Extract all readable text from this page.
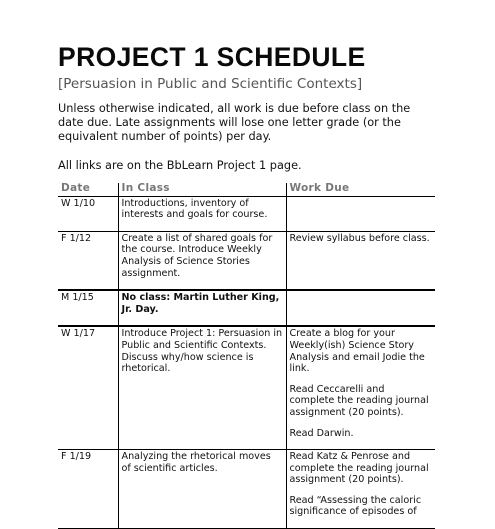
PROJECT 1 SCHEDULE
[Persuasion in Public and Scientific Contexts]
Unless otherwise indicated, all work is due before class on the date due. Late assignments will lose one letter grade (or the equivalent number of points) per day.
All links are on the BbLearn Project 1 page.
Date	In Class	Work Due
W 1/10	Introductions, inventory of interests and goals for course.	
F 1/12	Create a list of shared goals for the course. Introduce Weekly Analysis of Science Stories assignment.	Review syllabus before class.

M 1/15	No class: Martin Luther King, Jr. Day.	
W 1/17	Introduce Project 1: Persuasion in Public and Scientific Contexts. Discuss why/how science is rhetorical.	Create a blog for your Weekly(ish) Science Story Analysis and email Jodie the link.

Read Ceccarelli and complete the reading journal assignment (20 points).

Read Darwin.

F 1/19	Analyzing the rhetorical moves of scientific articles.	Read Katz & Penrose and complete the reading journal assignment (20 points).

Read “Assessing the caloric significance of episodes of
